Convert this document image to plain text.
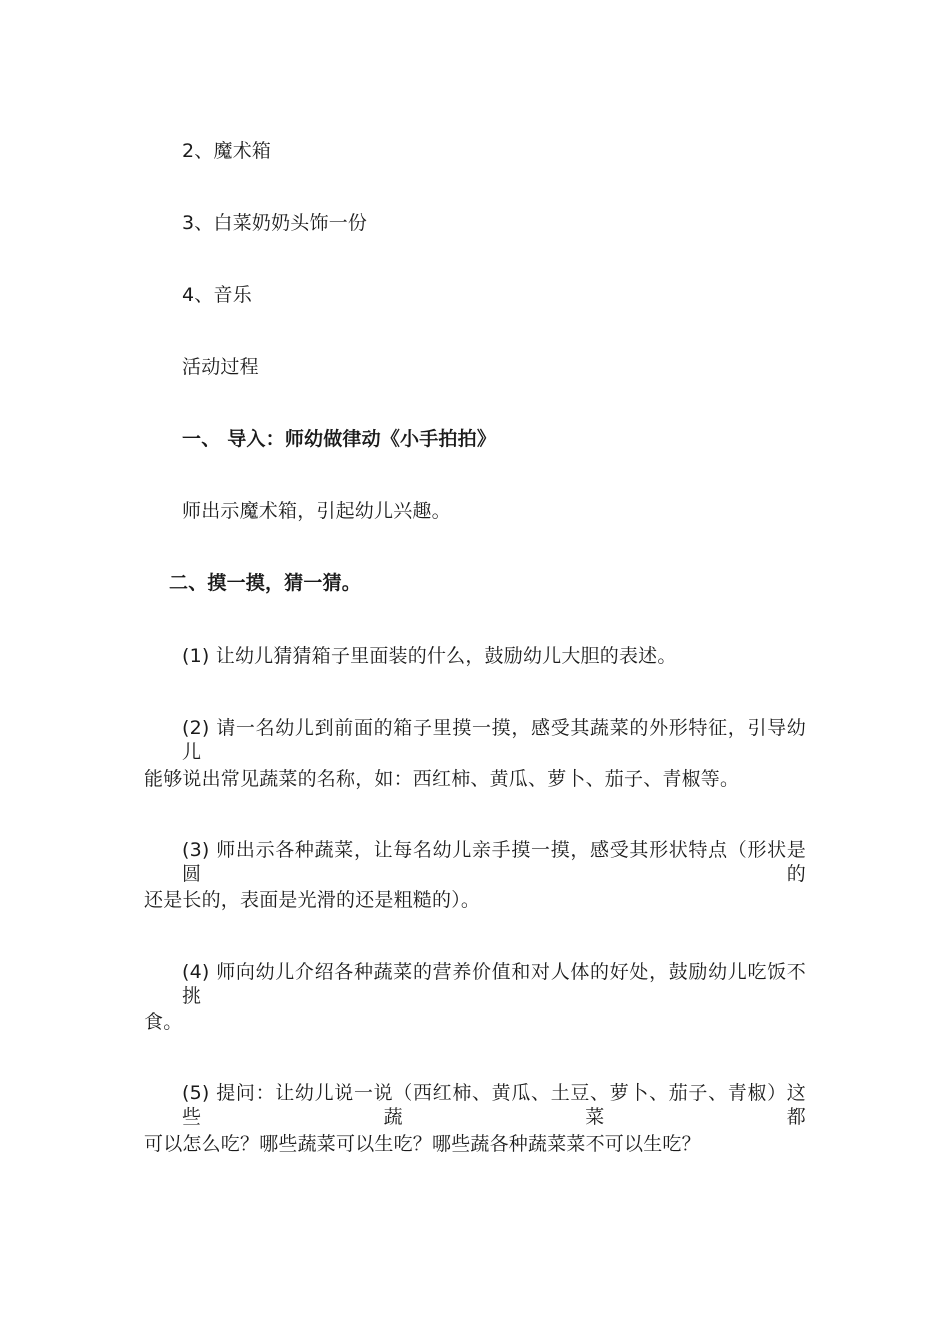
2、魔术箱
3、白菜奶奶头饰一份
4、音乐
活动过程
一、 导入：师幼做律动《小手拍拍》
师出示魔术箱，引起幼儿兴趣。
二、摸一摸，猜一猜。
(1) 让幼儿猜猜箱子里面装的什么，鼓励幼儿大胆的表述。
(2) 请一名幼儿到前面的箱子里摸一摸，感受其蔬菜的外形特征，引导幼儿
能够说出常见蔬菜的名称，如：西红柿、黄瓜、萝卜、茄子、青椒等。
(3) 师出示各种蔬菜，让每名幼儿亲手摸一摸，感受其形状特点（形状是圆的
还是长的，表面是光滑的还是粗糙的）。
(4) 师向幼儿介绍各种蔬菜的营养价值和对人体的好处，鼓励幼儿吃饭不挑
食。
(5) 提问：让幼儿说一说（西红柿、黄瓜、土豆、萝卜、茄子、青椒）这些蔬菜都
可以怎么吃？哪些蔬菜可以生吃？哪些蔬各种蔬菜菜不可以生吃？
